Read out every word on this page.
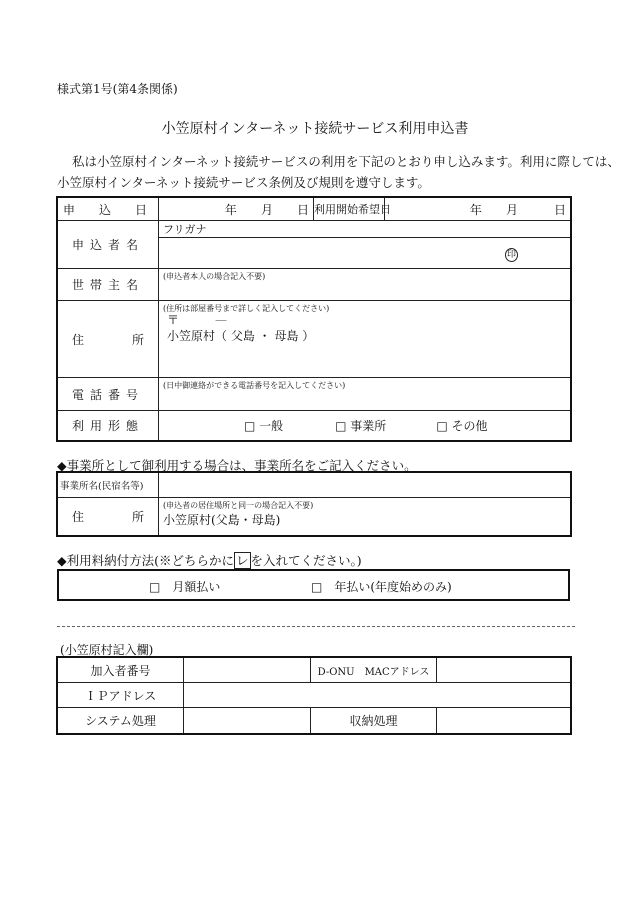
様式第1号(第4条関係)
小笠原村インターネット接続サービス利用申込書
私は小笠原村インターネット接続サービスの利用を下記のとおり申し込みます。利用に際しては、
小笠原村インターネット接続サービス条例及び規則を遵守します。
申　込　日	年　　 月　　 日	利用開始希望日	年　　 月　　　 日
申込者名	フリガナ		
	印		
世帯主名	(申込者本人の場合記入不要)		

住 所	(住所は部屋番号まで詳しく記入してください)
〒　　　 —
小笠原村（ 父島 ・ 母島 ）		

電話番号	(日中御連絡ができる電話番号を記入してください)		

利用形態	□ 一般 □ 事業所 □ その他		
◆事業所として御利用する場合は、事業所名をご記入ください。
事業所名(民宿名等)	
住 所	(申込者の居住場所と同一の場合記入不要)
小笠原村(父島・母島)
◆利用料納付方法(※どちらかに レ を入れてください。)
□　月額払い	□　年払い(年度始めのみ)
(小笠原村記入欄)
加入者番号		D-ONU　MACアドレス	
ＩＰアドレス			
システム処理		収納処理	
